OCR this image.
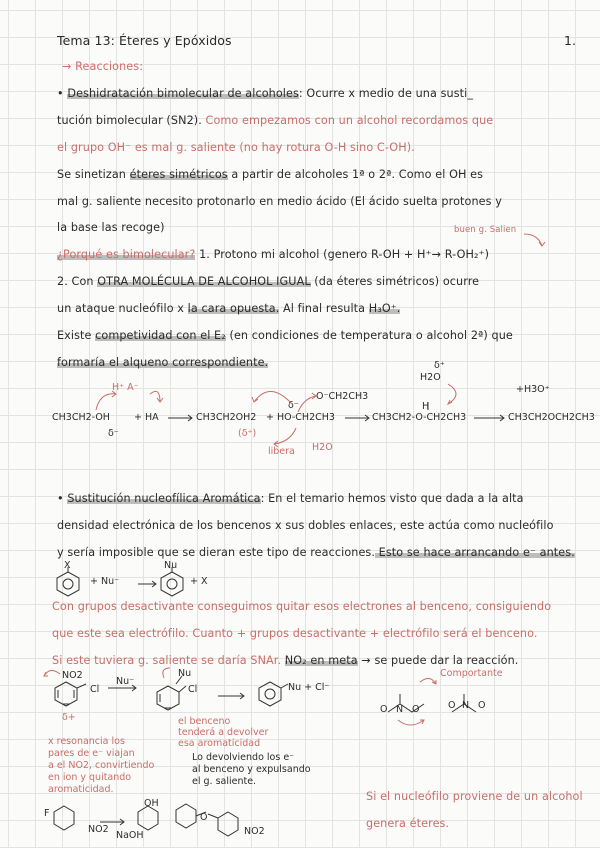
Tema 13: Éteres y Epóxidos	1.
→ Reacciones:
• Deshidratación bimolecular de alcoholes: Ocurre x medio de una susti_
tución bimolecular (SN2). Como empezamos con un alcohol recordamos que
el grupo OH⁻ es mal g. saliente (no hay rotura O-H sino C-OH).
Se sinetizan éteres simétricos a partir de alcoholes 1ª o 2ª. Como el OH es
mal g. saliente necesito protonarlo en medio ácido (El ácido suelta protones y
la base las recoge)	buen g. Salien
¿Porqué es bimolecular? 1. Protono mi alcohol (genero R-OH + H⁺→ R-OH₂⁺)
2. Con OTRA MOLÉCULA DE ALCOHOL IGUAL (da éteres simétricos) ocurre
un ataque nucleófilo x la cara opuesta. Al final resulta H₃O⁺.
Existe competividad con el E₂ (en condiciones de temperatura o alcohol 2ª) que
formaría el alqueno correspondiente.
H⁺ A⁻
H2O
+H3O⁺
O⁻CH2CH3
δ⁺
δ⁻	H
CH3CH2-OH	+ HA	CH3CH2OH2 + HO-CH2CH3	CH3CH2-O-CH2CH3	CH3CH2OCH2CH3
δ⁻	(δ⁺)
libera H2O
• Sustitución nucleofílica Aromática: En el temario hemos visto que dada a la alta
densidad electrónica de los bencenos x sus dobles enlaces, este actúa como nucleófilo
y sería imposible que se dieran este tipo de reacciones. Esto se hace arrancando e⁻ antes.
X	Nu
+ Nu⁻	+ X
Con grupos desactivante conseguimos quitar esos electrones al benceno, consiguiendo
que este sea electrófilo. Cuanto + grupos desactivante + electrófilo será el benceno.
Si este tuviera g. saliente se daría SNAr. NO₂ en meta → se puede dar la reacción.
Comportante
NO2
Cl
Nu⁻
Nu
Cl	Nu + Cl⁻
δ+
O N O	O N O
el benceno
tenderá a devolver
esa aromaticidad
x resonancia los
pares de e⁻ viajan
a el NO2, convirtiendo
en ion y quitando
aromaticidad.
Lo devolviendo los e⁻
al benceno y expulsando
el g. saliente.
F
NO2
OH
NaOH
O
NO2
Si el nucleófilo proviene de un alcohol
genera éteres.
